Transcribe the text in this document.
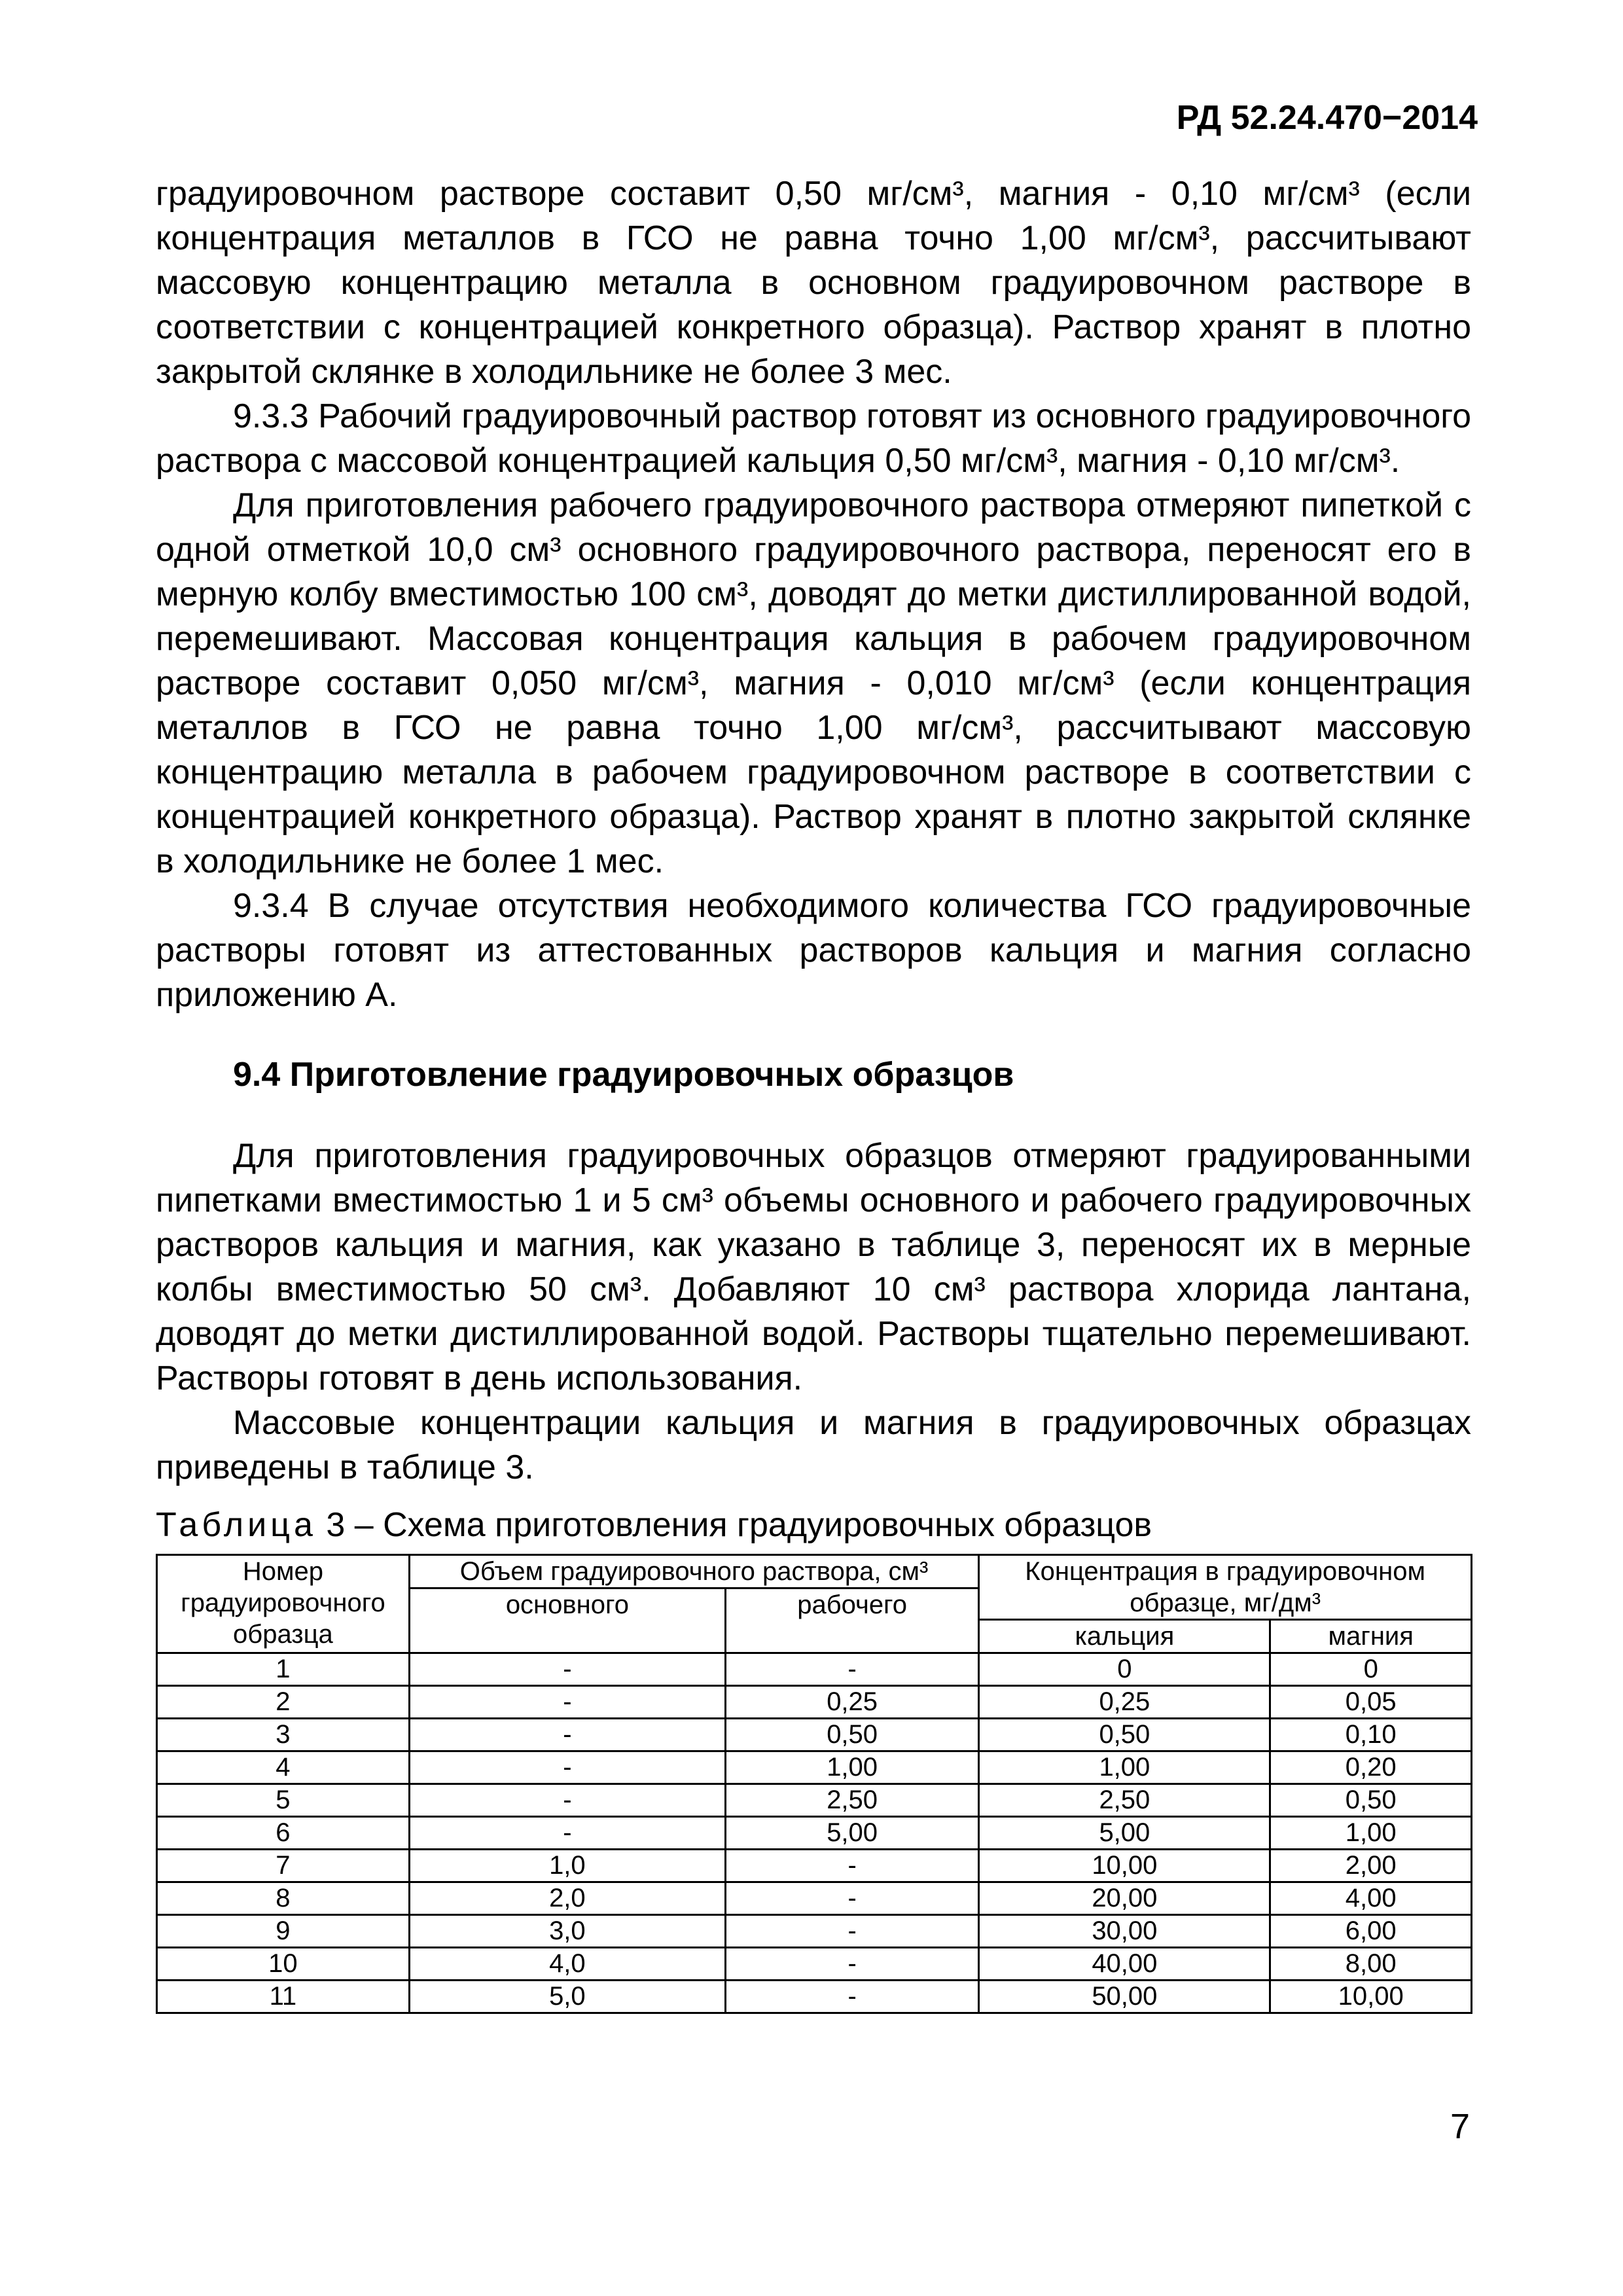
РД 52.24.470−2014

градуировочном растворе составит 0,50 мг/см³, магния - 0,10 мг/см³ (если концентрация металлов в ГСО не равна точно 1,00 мг/см³, рассчитывают массовую концентрацию металла в основном градуировочном растворе в соответствии с концентрацией конкретного образца). Раствор хранят в плотно закрытой склянке в холодильнике не более 3 мес.

9.3.3 Рабочий градуировочный раствор готовят из основного градуировочного раствора с массовой концентрацией кальция 0,50 мг/см³, магния - 0,10 мг/см³.

Для приготовления рабочего градуировочного раствора отмеряют пипеткой с одной отметкой 10,0 см³ основного градуировочного раствора, переносят его в мерную колбу вместимостью 100 см³, доводят до метки дистиллированной водой, перемешивают. Массовая концентрация кальция в рабочем градуировочном растворе составит 0,050 мг/см³, магния - 0,010 мг/см³ (если концентрация металлов в ГСО не равна точно 1,00 мг/см³, рассчитывают массовую концентрацию металла в рабочем градуировочном растворе в соответствии с концентрацией конкретного образца). Раствор хранят в плотно закрытой склянке в холодильнике не более 1 мес.

9.3.4 В случае отсутствия необходимого количества ГСО градуировочные растворы готовят из аттестованных растворов кальция и магния согласно приложению А.

9.4 Приготовление градуировочных образцов

Для приготовления градуировочных образцов отмеряют градуированными пипетками вместимостью 1 и 5 см³ объемы основного и рабочего градуировочных растворов кальция и магния, как указано в таблице 3, переносят их в мерные колбы вместимостью 50 см³. Добавляют 10 см³ раствора хлорида лантана, доводят до метки дистиллированной водой. Растворы тщательно перемешивают. Растворы готовят в день использования.

Массовые концентрации кальция и магния в градуировочных образцах приведены в таблице 3.

Таблица 3 – Схема приготовления градуировочных образцов

Номер градуировочного образца	Объем градуировочного раствора, см³		Концентрация в градуировочном образце, мг/дм³	
	основного	рабочего		
			кальция	магния
1	-	-	0	0
2	-	0,25	0,25	0,05
3	-	0,50	0,50	0,10
4	-	1,00	1,00	0,20
5	-	2,50	2,50	0,50
6	-	5,00	5,00	1,00
7	1,0	-	10,00	2,00
8	2,0	-	20,00	4,00
9	3,0	-	30,00	6,00
10	4,0	-	40,00	8,00
11	5,0	-	50,00	10,00
7
